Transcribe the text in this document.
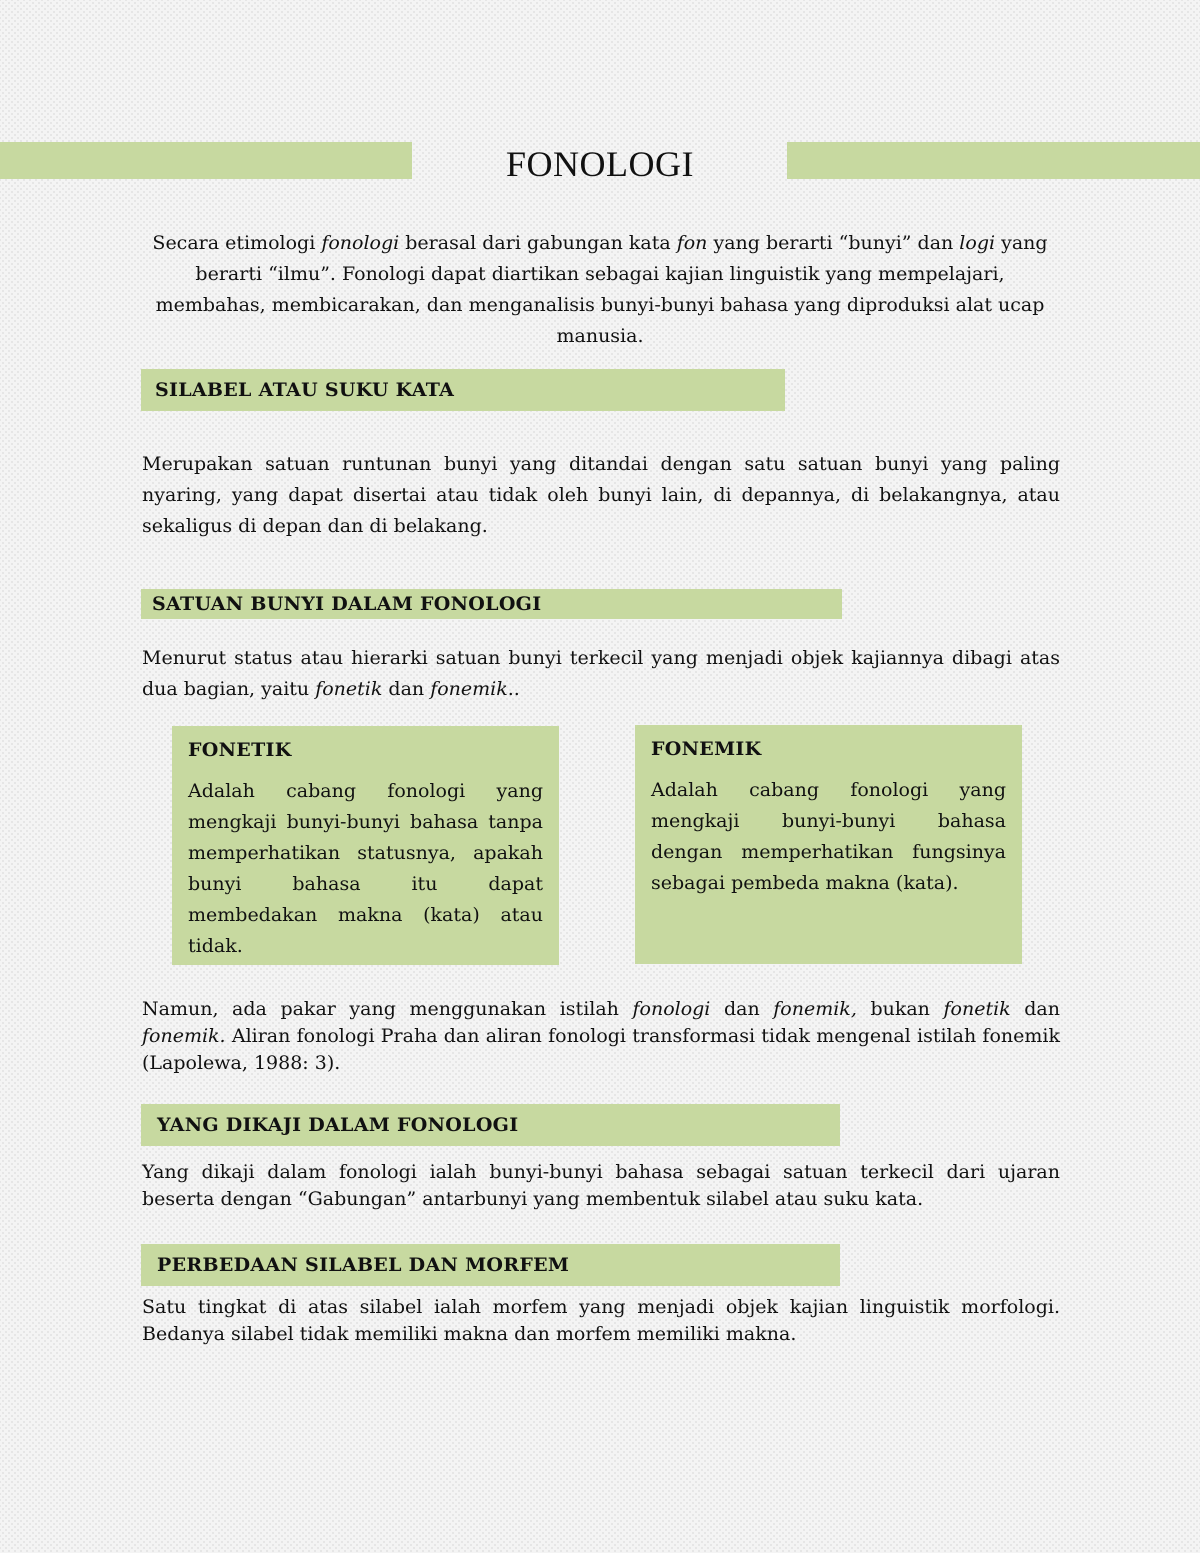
FONOLOGI

Secara etimologi fonologi berasal dari gabungan kata fon yang berarti “bunyi” dan logi yang berarti “ilmu”. Fonologi dapat diartikan sebagai kajian linguistik yang mempelajari, membahas, membicarakan, dan menganalisis bunyi-bunyi bahasa yang diproduksi alat ucap manusia.

SILABEL ATAU SUKU KATA

Merupakan satuan runtunan bunyi yang ditandai dengan satu satuan bunyi yang paling nyaring, yang dapat disertai atau tidak oleh bunyi lain, di depannya, di belakangnya, atau sekaligus di depan dan di belakang.

SATUAN BUNYI DALAM FONOLOGI

Menurut status atau hierarki satuan bunyi terkecil yang menjadi objek kajiannya dibagi atas dua bagian, yaitu fonetik dan fonemik..

FONETIK
Adalah cabang fonologi yang mengkaji bunyi-bunyi bahasa tanpa memperhatikan statusnya, apakah bunyi bahasa itu dapat membedakan makna (kata) atau tidak.
FONEMIK
Adalah cabang fonologi yang mengkaji bunyi-bunyi bahasa dengan memperhatikan fungsinya sebagai pembeda makna (kata).

Namun, ada pakar yang menggunakan istilah fonologi dan fonemik, bukan fonetik dan fonemik. Aliran fonologi Praha dan aliran fonologi transformasi tidak mengenal istilah fonemik (Lapolewa, 1988: 3).

YANG DIKAJI DALAM FONOLOGI

Yang dikaji dalam fonologi ialah bunyi-bunyi bahasa sebagai satuan terkecil dari ujaran beserta dengan “Gabungan” antarbunyi yang membentuk silabel atau suku kata.

PERBEDAAN SILABEL DAN MORFEM

Satu tingkat di atas silabel ialah morfem yang menjadi objek kajian linguistik morfologi. Bedanya silabel tidak memiliki makna dan morfem memiliki makna.
